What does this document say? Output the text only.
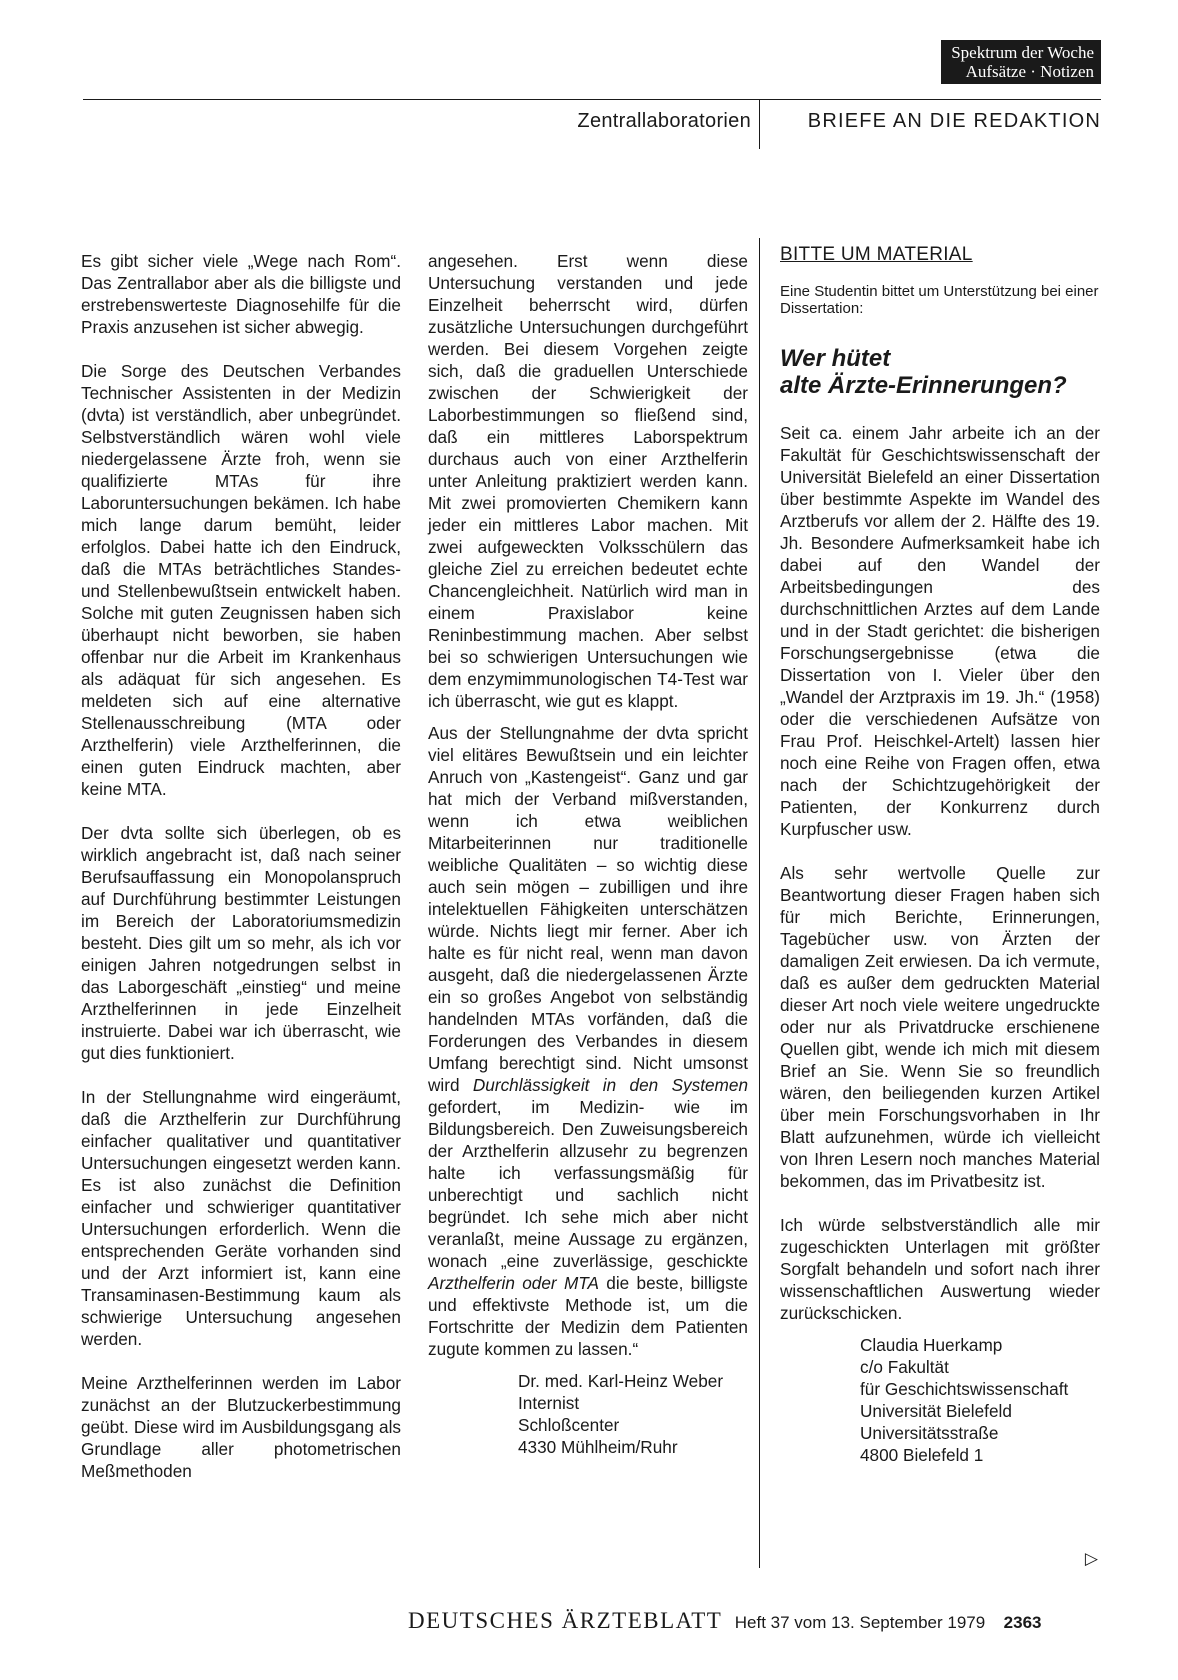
Spektrum der Woche
Aufsätze · Notizen
Zentrallaboratorien	BRIEFE AN DIE REDAKTION

Es gibt sicher viele „Wege nach Rom“. Das Zentrallabor aber als die billigste und erstrebenswerteste Diagnosehilfe für die Praxis anzusehen ist sicher abwegig.

Die Sorge des Deutschen Verbandes Technischer Assistenten in der Medizin (dvta) ist verständlich, aber unbegründet. Selbstverständlich wären wohl viele niedergelassene Ärzte froh, wenn sie qualifizierte MTAs für ihre Laboruntersuchungen bekämen. Ich habe mich lange darum bemüht, leider erfolglos. Dabei hatte ich den Eindruck, daß die MTAs beträchtliches Standes- und Stellenbewußtsein entwickelt haben. Solche mit guten Zeugnissen haben sich überhaupt nicht beworben, sie haben offenbar nur die Arbeit im Krankenhaus als adäquat für sich angesehen. Es meldeten sich auf eine alternative Stellenausschreibung (MTA oder Arzthelferin) viele Arzthelferinnen, die einen guten Eindruck machten, aber keine MTA.

Der dvta sollte sich überlegen, ob es wirklich angebracht ist, daß nach seiner Berufsauffassung ein Monopolanspruch auf Durchführung bestimmter Leistungen im Bereich der Laboratoriumsmedizin besteht. Dies gilt um so mehr, als ich vor einigen Jahren notgedrungen selbst in das Laborgeschäft „einstieg“ und meine Arzthelferinnen in jede Einzelheit instruierte. Dabei war ich überrascht, wie gut dies funktioniert.

In der Stellungnahme wird eingeräumt, daß die Arzthelferin zur Durchführung einfacher qualitativer und quantitativer Untersuchungen eingesetzt werden kann. Es ist also zunächst die Definition einfacher und schwieriger quantitativer Untersuchungen erforderlich. Wenn die entsprechenden Geräte vorhanden sind und der Arzt informiert ist, kann eine Transaminasen-Bestimmung kaum als schwierige Untersuchung angesehen werden.

Meine Arzthelferinnen werden im Labor zunächst an der Blutzuckerbestimmung geübt. Diese wird im Ausbildungsgang als Grundlage aller photometrischen Meßmethoden

angesehen. Erst wenn diese Untersuchung verstanden und jede Einzelheit beherrscht wird, dürfen zusätzliche Untersuchungen durchgeführt werden. Bei diesem Vorgehen zeigte sich, daß die graduellen Unterschiede zwischen der Schwierigkeit der Laborbestimmungen so fließend sind, daß ein mittleres Laborspektrum durchaus auch von einer Arzthelferin unter Anleitung praktiziert werden kann. Mit zwei promovierten Chemikern kann jeder ein mittleres Labor machen. Mit zwei aufgeweckten Volksschülern das gleiche Ziel zu erreichen bedeutet echte Chancengleichheit. Natürlich wird man in einem Praxislabor keine Reninbestimmung machen. Aber selbst bei so schwierigen Untersuchungen wie dem enzymimmunologischen T4-Test war ich überrascht, wie gut es klappt.

Aus der Stellungnahme der dvta spricht viel elitäres Bewußtsein und ein leichter Anruch von „Kastengeist“. Ganz und gar hat mich der Verband mißverstanden, wenn ich etwa weiblichen Mitarbeiterinnen nur traditionelle weibliche Qualitäten – so wichtig diese auch sein mögen – zubilligen und ihre intelektuellen Fähigkeiten unterschätzen würde. Nichts liegt mir ferner. Aber ich halte es für nicht real, wenn man davon ausgeht, daß die niedergelassenen Ärzte ein so großes Angebot von selbständig handelnden MTAs vorfänden, daß die Forderungen des Verbandes in diesem Umfang berechtigt sind. Nicht umsonst wird Durchlässigkeit in den Systemen gefordert, im Medizin- wie im Bildungsbereich. Den Zuweisungsbereich der Arzthelferin allzusehr zu begrenzen halte ich verfassungsmäßig für unberechtigt und sachlich nicht begründet. Ich sehe mich aber nicht veranlaßt, meine Aussage zu ergänzen, wonach „eine zuverlässige, geschickte Arzthelferin oder MTA die beste, billigste und effektivste Methode ist, um die Fortschritte der Medizin dem Patienten zugute kommen zu lassen.“

Dr. med. Karl-Heinz Weber
Internist
Schloßcenter
4330 Mühlheim/Ruhr
BITTE UM MATERIAL
Eine Studentin bittet um Unterstützung bei einer Dissertation:
Wer hütet
alte Ärzte-Erinnerungen?

Seit ca. einem Jahr arbeite ich an der Fakultät für Geschichtswissenschaft der Universität Bielefeld an einer Dissertation über bestimmte Aspekte im Wandel des Arztberufs vor allem der 2. Hälfte des 19. Jh. Besondere Aufmerksamkeit habe ich dabei auf den Wandel der Arbeitsbedingungen des durchschnittlichen Arztes auf dem Lande und in der Stadt gerichtet: die bisherigen Forschungsergebnisse (etwa die Dissertation von I. Vieler über den „Wandel der Arztpraxis im 19. Jh.“ (1958) oder die verschiedenen Aufsätze von Frau Prof. Heischkel-Artelt) lassen hier noch eine Reihe von Fragen offen, etwa nach der Schichtzugehörigkeit der Patienten, der Konkurrenz durch Kurpfuscher usw.

Als sehr wertvolle Quelle zur Beantwortung dieser Fragen haben sich für mich Berichte, Erinnerungen, Tagebücher usw. von Ärzten der damaligen Zeit erwiesen. Da ich vermute, daß es außer dem gedruckten Material dieser Art noch viele weitere ungedruckte oder nur als Privatdrucke erschienene Quellen gibt, wende ich mich mit diesem Brief an Sie. Wenn Sie so freundlich wären, den beiliegenden kurzen Artikel über mein Forschungsvorhaben in Ihr Blatt aufzunehmen, würde ich vielleicht von Ihren Lesern noch manches Material bekommen, das im Privatbesitz ist.

Ich würde selbstverständlich alle mir zugeschickten Unterlagen mit größter Sorgfalt behandeln und sofort nach ihrer wissenschaftlichen Auswertung wieder zurückschicken.

Claudia Huerkamp
c/o Fakultät
für Geschichtswissenschaft
Universität Bielefeld
Universitätsstraße
4800 Bielefeld 1
▷
DEUTSCHES ÄRZTEBLATT Heft 37 vom 13. September 1979 2363
